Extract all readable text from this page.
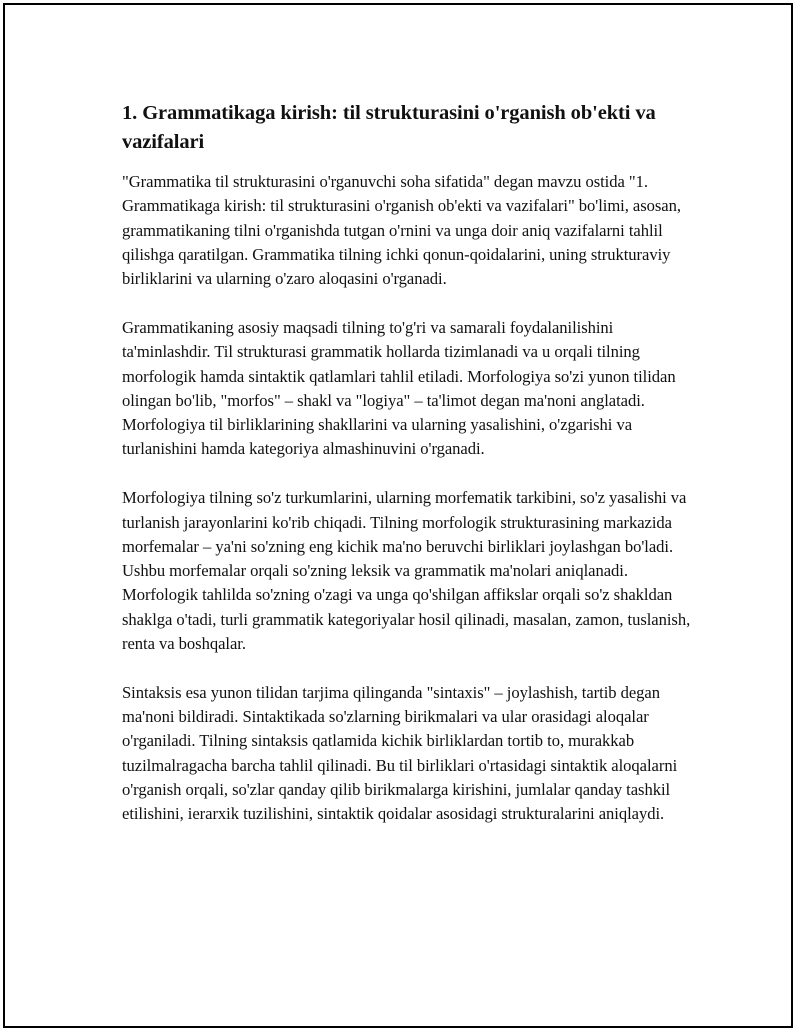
1. Grammatikaga kirish: til strukturasini o'rganish ob'ekti va vazifalari

"Grammatika til strukturasini o'rganuvchi soha sifatida" degan mavzu ostida "1. Grammatikaga kirish: til strukturasini o'rganish ob'ekti va vazifalari" bo'limi, asosan, grammatikaning tilni o'rganishda tutgan o'rnini va unga doir aniq vazifalarni tahlil qilishga qaratilgan. Grammatika tilning ichki qonun-qoidalarini, uning strukturaviy birliklarini va ularning o'zaro aloqasini o'rganadi.

Grammatikaning asosiy maqsadi tilning to'g'ri va samarali foydalanilishini ta'minlashdir. Til strukturasi grammatik hollarda tizimlanadi va u orqali tilning morfologik hamda sintaktik qatlamlari tahlil etiladi. Morfologiya so'zi yunon tilidan olingan bo'lib, "morfos" – shakl va "logiya" – ta'limot degan ma'noni anglatadi. Morfologiya til birliklarining shakllarini va ularning yasalishini, o'zgarishi va turlanishini hamda kategoriya almashinuvini o'rganadi.

Morfologiya tilning so'z turkumlarini, ularning morfematik tarkibini, so'z yasalishi va turlanish jarayonlarini ko'rib chiqadi. Tilning morfologik strukturasining markazida morfemalar – ya'ni so'zning eng kichik ma'no beruvchi birliklari joylashgan bo'ladi. Ushbu morfemalar orqali so'zning leksik va grammatik ma'nolari aniqlanadi. Morfologik tahlilda so'zning o'zagi va unga qo'shilgan affikslar orqali so'z shakldan shaklga o'tadi, turli grammatik kategoriyalar hosil qilinadi, masalan, zamon, tuslanish, renta va boshqalar.

Sintaksis esa yunon tilidan tarjima qilinganda "sintaxis" – joylashish, tartib degan ma'noni bildiradi. Sintaktikada so'zlarning birikmalari va ular orasidagi aloqalar o'rganiladi. Tilning sintaksis qatlamida kichik birliklardan tortib to, murakkab tuzilmalragacha barcha tahlil qilinadi. Bu til birliklari o'rtasidagi sintaktik aloqalarni o'rganish orqali, so'zlar qanday qilib birikmalarga kirishini, jumlalar qanday tashkil etilishini, ierarxik tuzilishini, sintaktik qoidalar asosidagi strukturalarini aniqlaydi.
